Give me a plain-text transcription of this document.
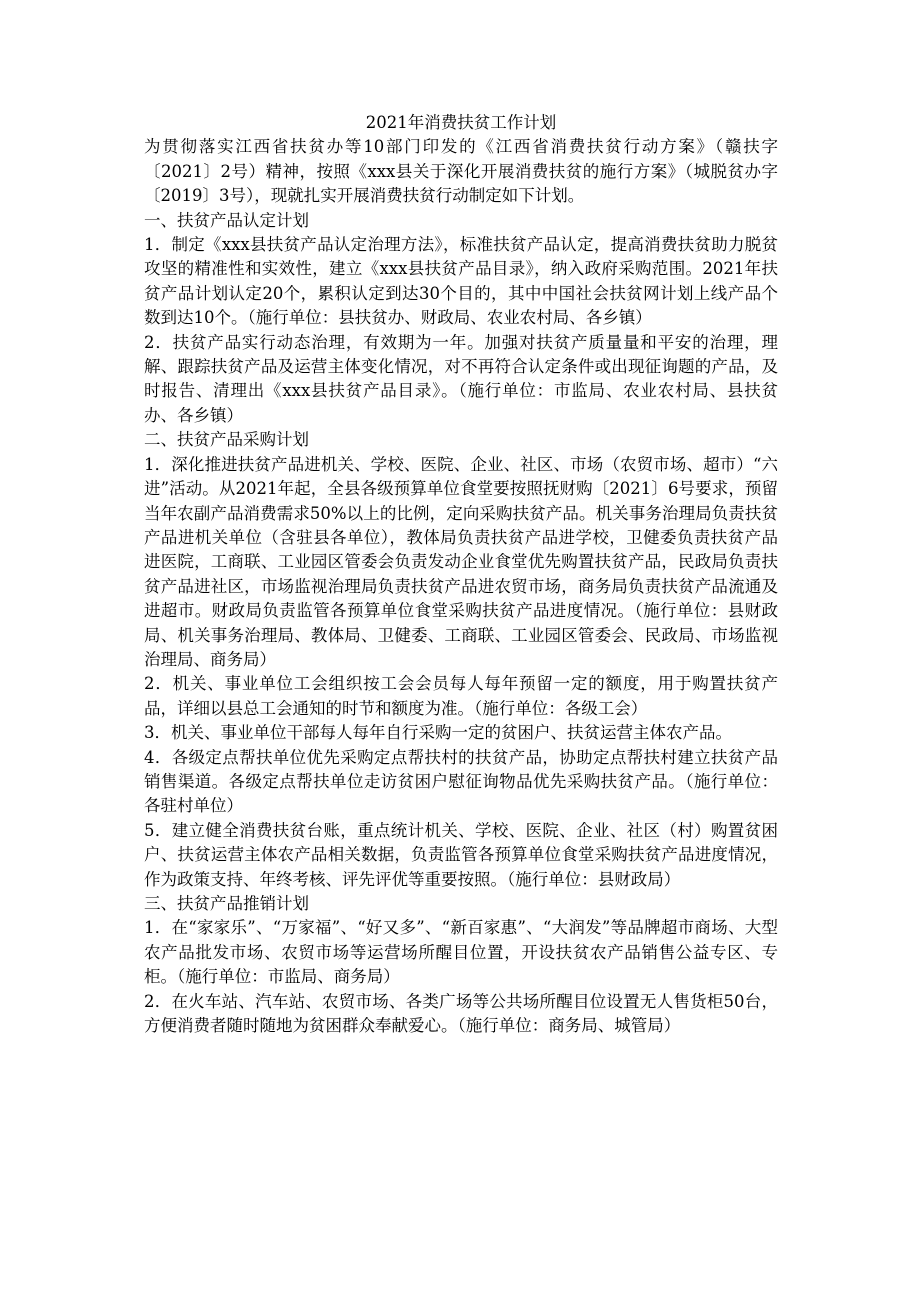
2021年消费扶贫工作计划

为贯彻落实江西省扶贫办等10部门印发的《江西省消费扶贫行动方案》（赣扶字〔2021〕2号）精神，按照《xxx县关于深化开展消费扶贫的施行方案》（城脱贫办字〔2019〕3号），现就扎实开展消费扶贫行动制定如下计划。

一、扶贫产品认定计划

1．制定《xxx县扶贫产品认定治理方法》，标准扶贫产品认定，提高消费扶贫助力脱贫攻坚的精准性和实效性，建立《xxx县扶贫产品目录》，纳入政府采购范围。2021年扶贫产品计划认定20个，累积认定到达30个目的，其中中国社会扶贫网计划上线产品个数到达10个。（施行单位：县扶贫办、财政局、农业农村局、各乡镇）

2．扶贫产品实行动态治理，有效期为一年。加强对扶贫产质量量和平安的治理，理解、跟踪扶贫产品及运营主体变化情况，对不再符合认定条件或出现征询题的产品，及时报告、清理出《xxx县扶贫产品目录》。（施行单位：市监局、农业农村局、县扶贫办、各乡镇）

二、扶贫产品采购计划

1．深化推进扶贫产品进机关、学校、医院、企业、社区、市场（农贸市场、超市）“六进”活动。从2021年起，全县各级预算单位食堂要按照抚财购〔2021〕6号要求，预留当年农副产品消费需求50%以上的比例，定向采购扶贫产品。机关事务治理局负责扶贫产品进机关单位（含驻县各单位），教体局负责扶贫产品进学校，卫健委负责扶贫产品进医院，工商联、工业园区管委会负责发动企业食堂优先购置扶贫产品，民政局负责扶贫产品进社区，市场监视治理局负责扶贫产品进农贸市场，商务局负责扶贫产品流通及进超市。财政局负责监管各预算单位食堂采购扶贫产品进度情况。（施行单位：县财政局、机关事务治理局、教体局、卫健委、工商联、工业园区管委会、民政局、市场监视治理局、商务局）

2．机关、事业单位工会组织按工会会员每人每年预留一定的额度，用于购置扶贫产品，详细以县总工会通知的时节和额度为准。（施行单位：各级工会）

3．机关、事业单位干部每人每年自行采购一定的贫困户、扶贫运营主体农产品。

4．各级定点帮扶单位优先采购定点帮扶村的扶贫产品，协助定点帮扶村建立扶贫产品销售渠道。各级定点帮扶单位走访贫困户慰征询物品优先采购扶贫产品。（施行单位：各驻村单位）

5．建立健全消费扶贫台账，重点统计机关、学校、医院、企业、社区（村）购置贫困户、扶贫运营主体农产品相关数据，负责监管各预算单位食堂采购扶贫产品进度情况，作为政策支持、年终考核、评先评优等重要按照。（施行单位：县财政局）

三、扶贫产品推销计划

1．在“家家乐”、“万家福”、“好又多”、“新百家惠”、“大润发”等品牌超市商场、大型农产品批发市场、农贸市场等运营场所醒目位置，开设扶贫农产品销售公益专区、专柜。（施行单位：市监局、商务局）

2．在火车站、汽车站、农贸市场、各类广场等公共场所醒目位设置无人售货柜50台，方便消费者随时随地为贫困群众奉献爱心。（施行单位：商务局、城管局）
